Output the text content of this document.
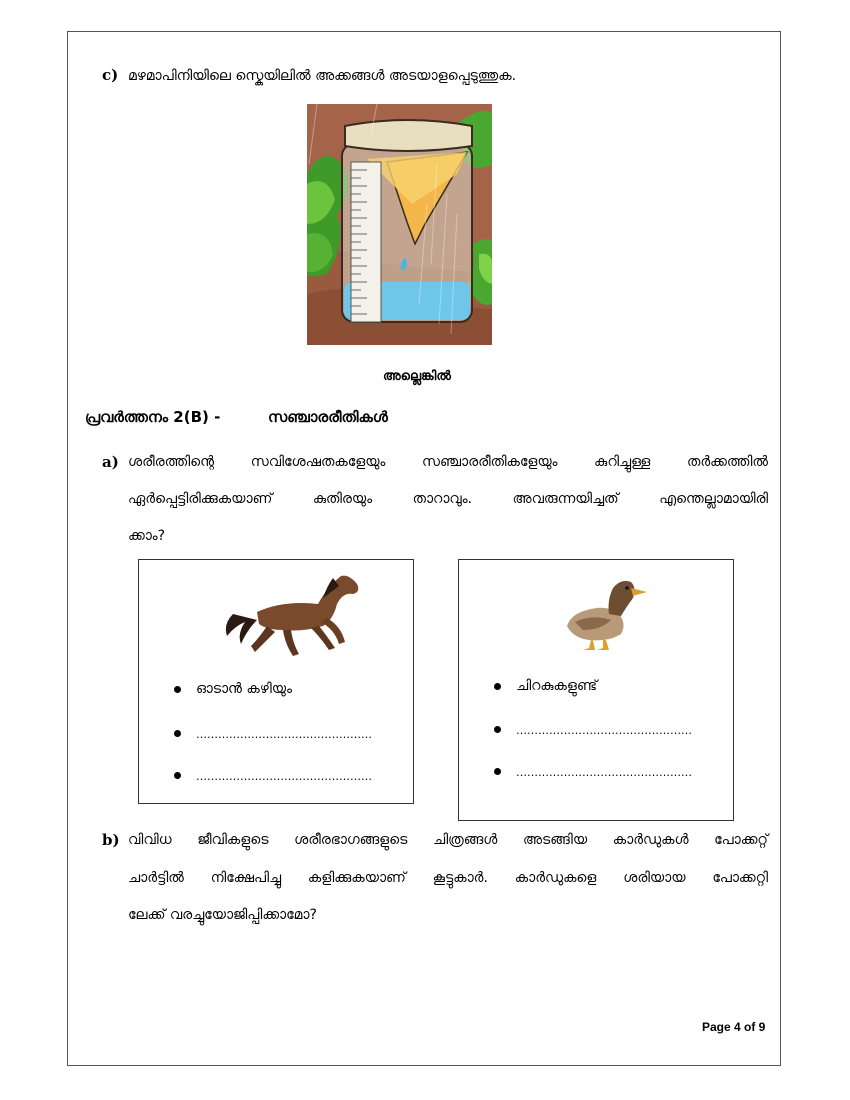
c) മഴമാപിനിയിലെ സ്കെയിലിൽ അക്കങ്ങൾ അടയാളപ്പെടുത്തുക.
അല്ലെങ്കിൽ
പ്രവർത്തനം 2(B) -	സഞ്ചാരരീതികൾ
a) ശരീരത്തിന്റെ സവിശേഷതകളേയും സഞ്ചാരരീതികളേയും കുറിച്ചുള്ള തർക്കത്തിൽ
ഏർപ്പെട്ടിരിക്കുകയാണ് കുതിരയും താറാവും. അവരുന്നയിച്ചത് എന്തെല്ലാമായിരി
ക്കാം?
ഓടാൻ കഴിയും
…………………………………………
…………………………………………
ചിറകുകളുണ്ട്
…………………………………………
…………………………………………
b) വിവിധ ജീവികളുടെ ശരീരഭാഗങ്ങളുടെ ചിത്രങ്ങൾ അടങ്ങിയ കാർഡുകൾ പോക്കറ്റ്
ചാർട്ടിൽ നിക്ഷേപിച്ചു കളിക്കുകയാണ് കൂട്ടുകാർ. കാർഡുകളെ ശരിയായ പോക്കറ്റി
ലേക്ക് വരച്ചുയോജിപ്പിക്കാമോ?
Page 4 of 9
